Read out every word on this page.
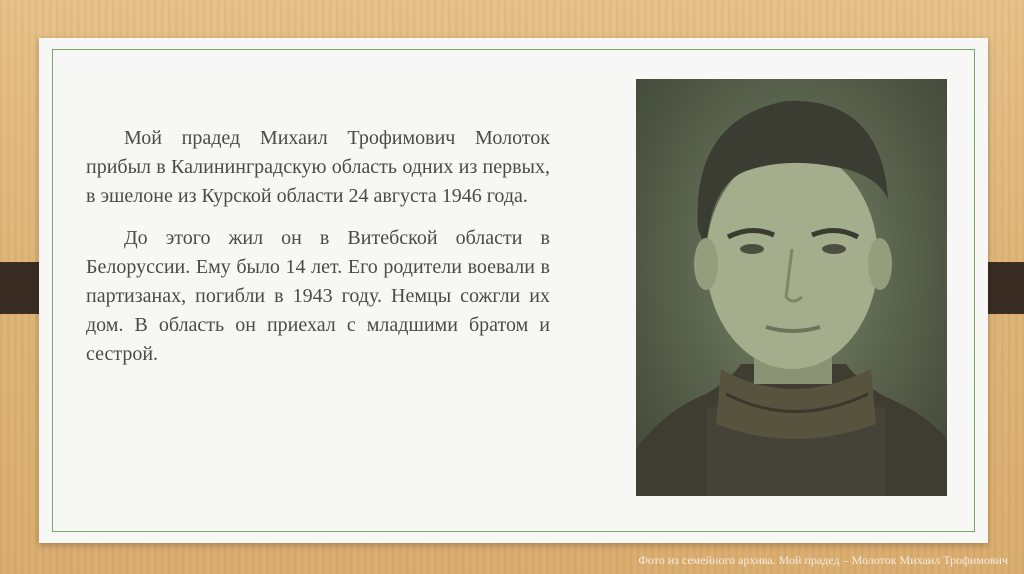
Мой прадед Михаил Трофимович Молоток прибыл в Калининградскую область одних из первых, в эшелоне из Курской области 24 августа 1946 года.

До этого жил он в Витебской области в Белоруссии. Ему было 14 лет. Его родители воевали в партизанах, погибли в 1943 году. Немцы сожгли их дом. В область он приехал с младшими братом и сестрой.

Фото из семейного архива. Мой прадед – Молоток Михаил Трофимович
